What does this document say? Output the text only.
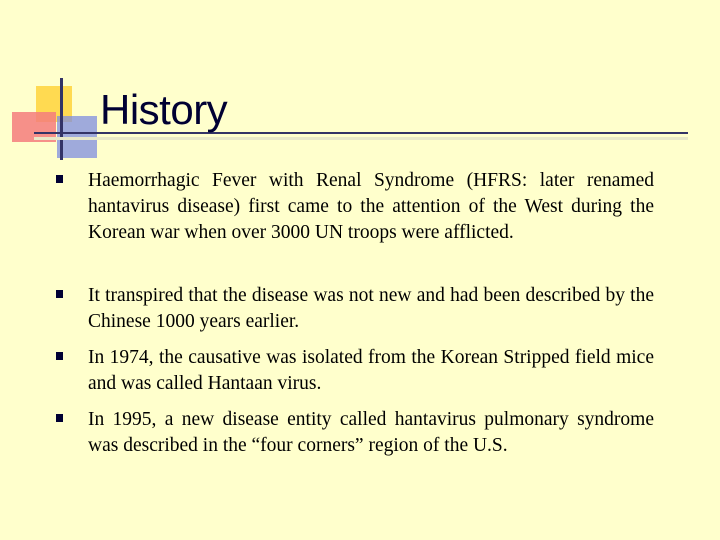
History

Haemorrhagic Fever with Renal Syndrome (HFRS: later renamed hantavirus disease) first came to the attention of the West during the Korean war when over 3000 UN troops were afflicted.

It transpired that the disease was not new and had been described by the Chinese 1000 years earlier.

In 1974, the causative was isolated from the Korean Stripped field mice and was called Hantaan virus.

In 1995, a new disease entity called hantavirus pulmonary syndrome was described in the “four corners” region of the U.S.
